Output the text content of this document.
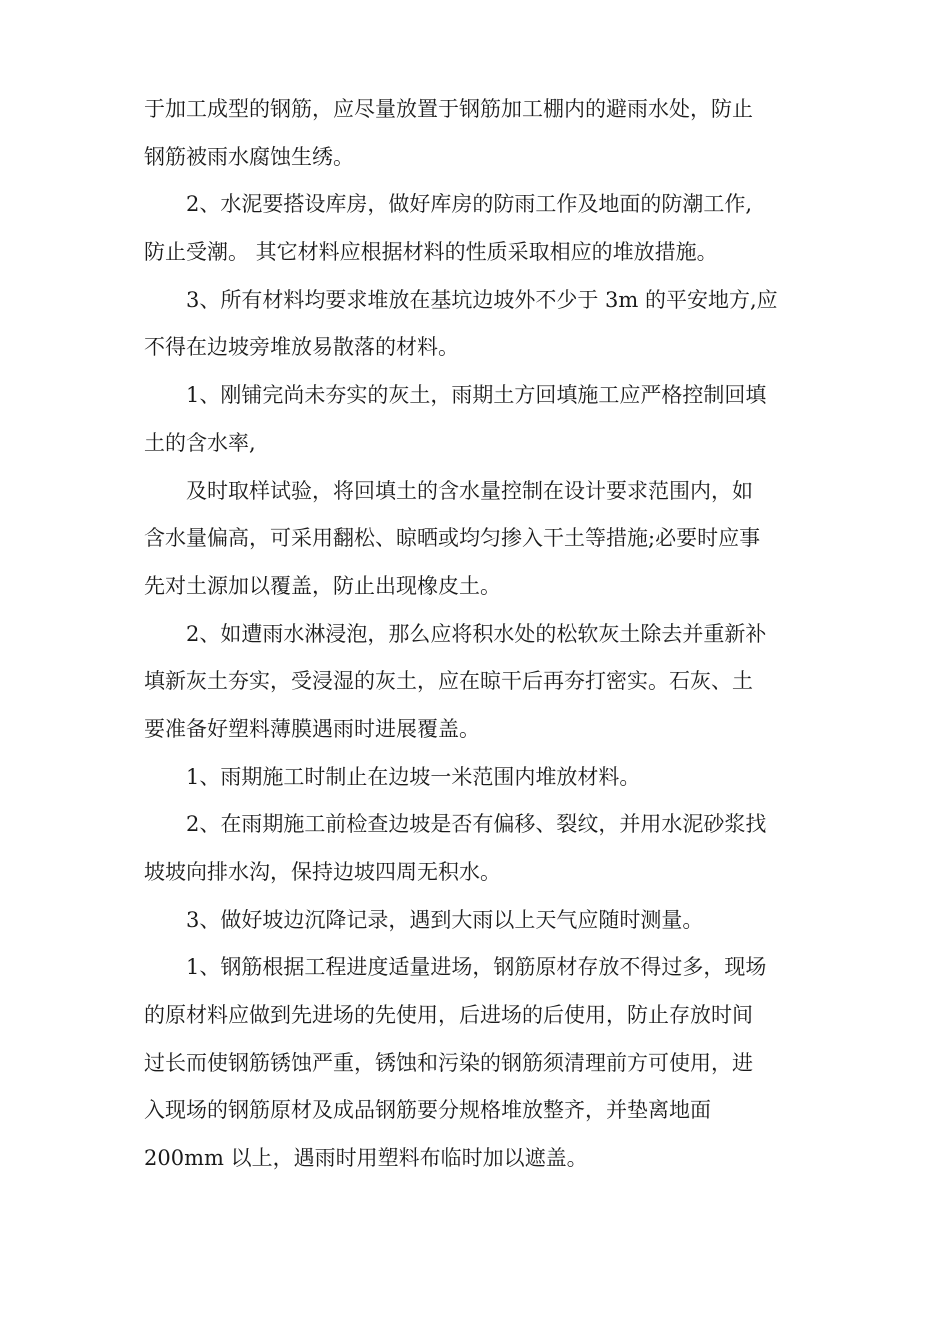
于加工成型的钢筋，应尽量放置于钢筋加工棚内的避雨水处，防止
钢筋被雨水腐蚀生绣。
2、水泥要搭设库房，做好库房的防雨工作及地面的防潮工作,
防止受潮。 其它材料应根据材料的性质采取相应的堆放措施。
3、所有材料均要求堆放在基坑边坡外不少于 3m 的平安地方,应
不得在边坡旁堆放易散落的材料。
1、刚铺完尚未夯实的灰土，雨期土方回填施工应严格控制回填
土的含水率,
及时取样试验，将回填土的含水量控制在设计要求范围内，如
含水量偏高，可采用翻松、晾晒或均匀掺入干土等措施;必要时应事
先对土源加以覆盖，防止出现橡皮土。
2、如遭雨水淋浸泡，那么应将积水处的松软灰土除去并重新补
填新灰土夯实，受浸湿的灰土，应在晾干后再夯打密实。石灰、土
要准备好塑料薄膜遇雨时进展覆盖。
1、雨期施工时制止在边坡一米范围内堆放材料。
2、在雨期施工前检查边坡是否有偏移、裂纹，并用水泥砂浆找
坡坡向排水沟，保持边坡四周无积水。
3、做好坡边沉降记录，遇到大雨以上天气应随时测量。
1、钢筋根据工程进度适量进场，钢筋原材存放不得过多，现场
的原材料应做到先进场的先使用，后进场的后使用，防止存放时间
过长而使钢筋锈蚀严重，锈蚀和污染的钢筋须清理前方可使用，进
入现场的钢筋原材及成品钢筋要分规格堆放整齐，并垫离地面
200mm 以上，遇雨时用塑料布临时加以遮盖。
